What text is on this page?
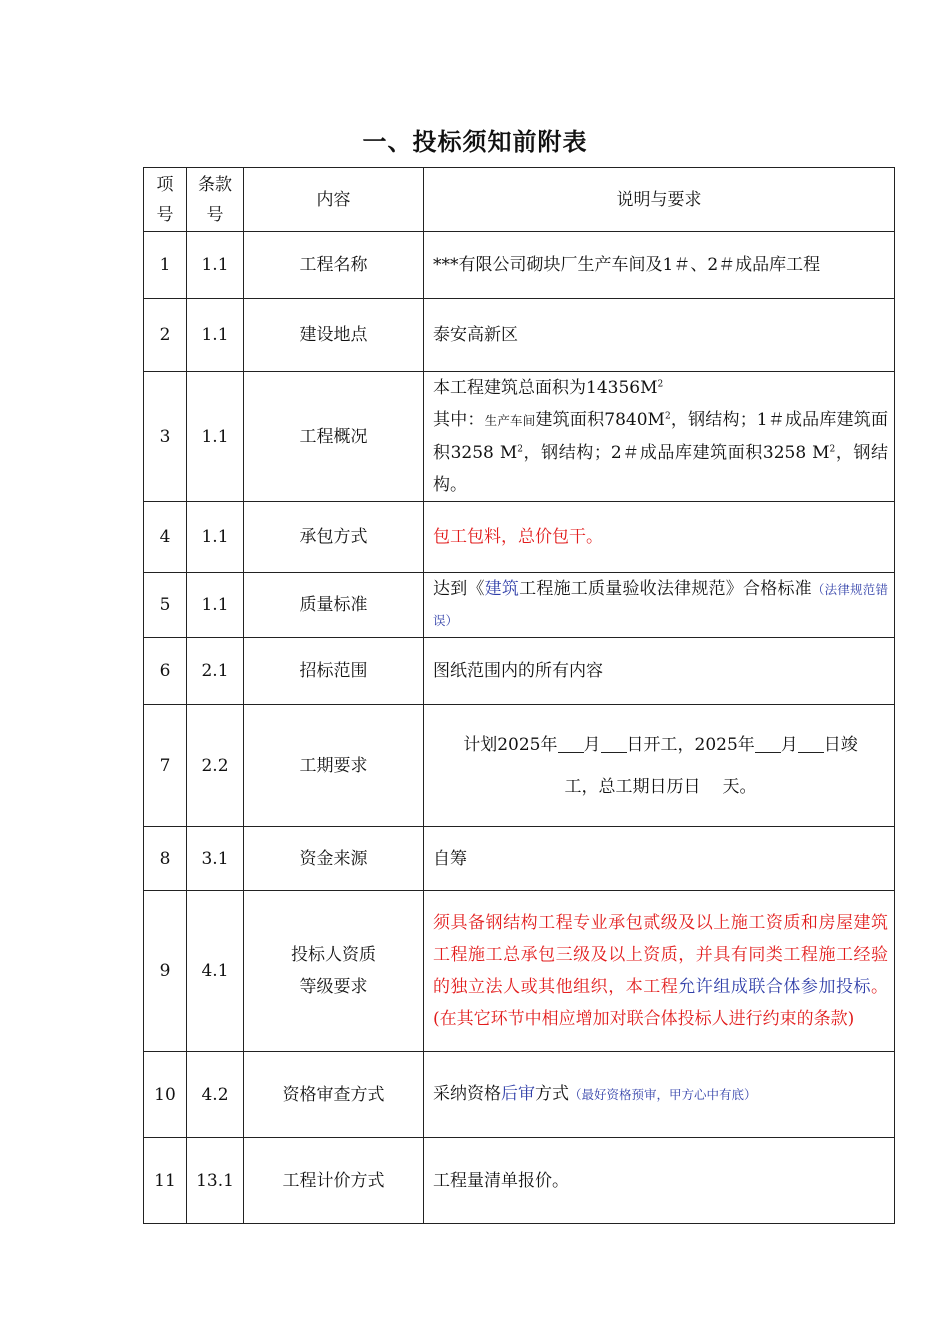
一、投标须知前附表
项号	条款号	内容	说明与要求
1	1.1	工程名称	***有限公司砌块厂生产车间及1＃、2＃成品库工程
2	1.1	建设地点	泰安高新区
3	1.1	工程概况	本工程建筑总面积为$14356M^2$
其中：生产车间建筑面积$7840M^2$，钢结构；1＃成品库建筑面积3258 $M^2$，钢结构；2＃成品库建筑面积3258 $M^2$，钢结构。
4	1.1	承包方式	包工包料，总价包干。
5	1.1	质量标准	达到《建筑工程施工质量验收法律规范》合格标准（法律规范错误）
6	2.1	招标范围	图纸范围内的所有内容
7	2.2	工期要求	计划2025年 月 日开工，2025年 月 日竣
工，总工期日历日 天。
8	3.1	资金来源	自筹
9	4.1	投标人资质
等级要求	须具备钢结构工程专业承包贰级及以上施工资质和房屋建筑工程施工总承包三级及以上资质，并具有同类工程施工经验的独立法人或其他组织，本工程允许组成联合体参加投标。(在其它环节中相应增加对联合体投标人进行约束的条款)
10	4.2	资格审查方式	采纳资格后审方式（最好资格预审，甲方心中有底）
11	13.1	工程计价方式	工程量清单报价。
